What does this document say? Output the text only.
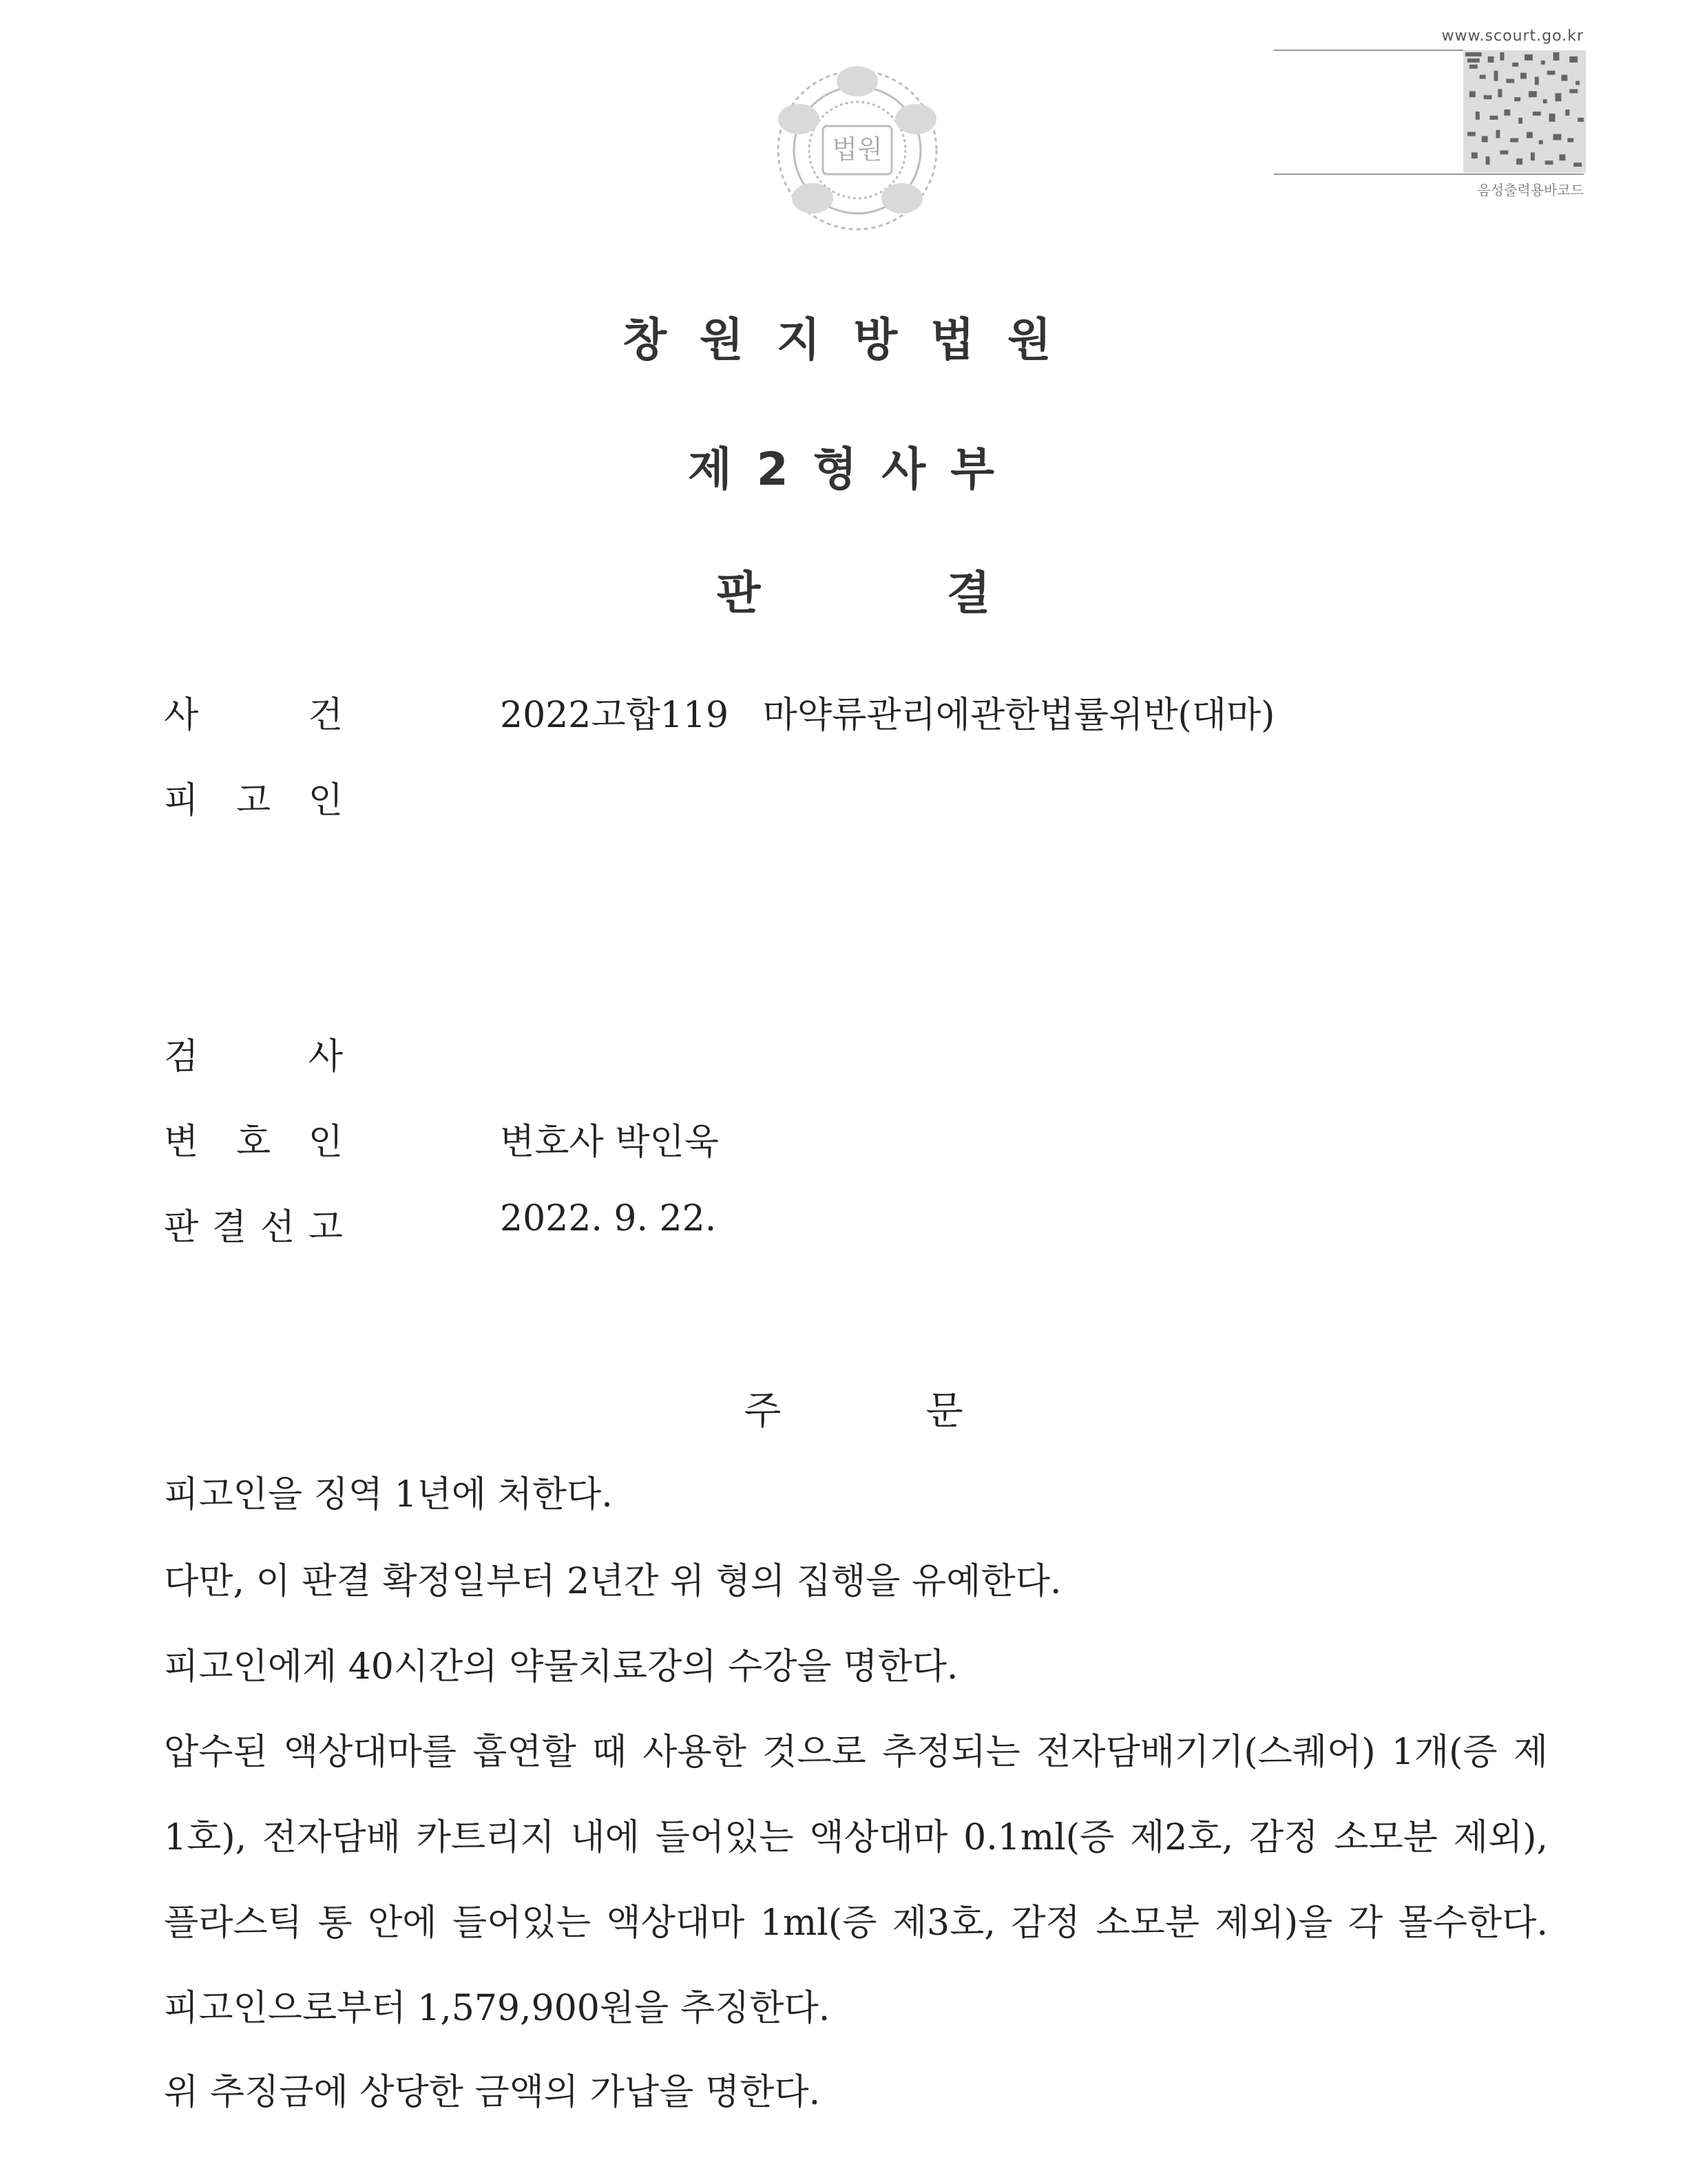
법원
www.scourt.go.kr
음성출력용바코드
창원지방법원
제2형사부
판	결
사	건	2022고합119   마약류관리에관한법률위반(대마)
피 고 인
검	사
변 호 인	변호사 박인욱
판 결 선 고	2022. 9. 22.
주	문
피고인을 징역 1년에 처한다.
다만, 이 판결 확정일부터 2년간 위 형의 집행을 유예한다.
피고인에게 40시간의 약물치료강의 수강을 명한다.
압수된 액상대마를 흡연할 때 사용한 것으로 추정되는 전자담배기기(스퀘어) 1개(증 제
1호), 전자담배 카트리지 내에 들어있는 액상대마 0.1ml(증 제2호, 감정 소모분 제외),
플라스틱 통 안에 들어있는 액상대마 1ml(증 제3호, 감정 소모분 제외)을 각 몰수한다.
피고인으로부터 1,579,900원을 추징한다.
위 추징금에 상당한 금액의 가납을 명한다.
